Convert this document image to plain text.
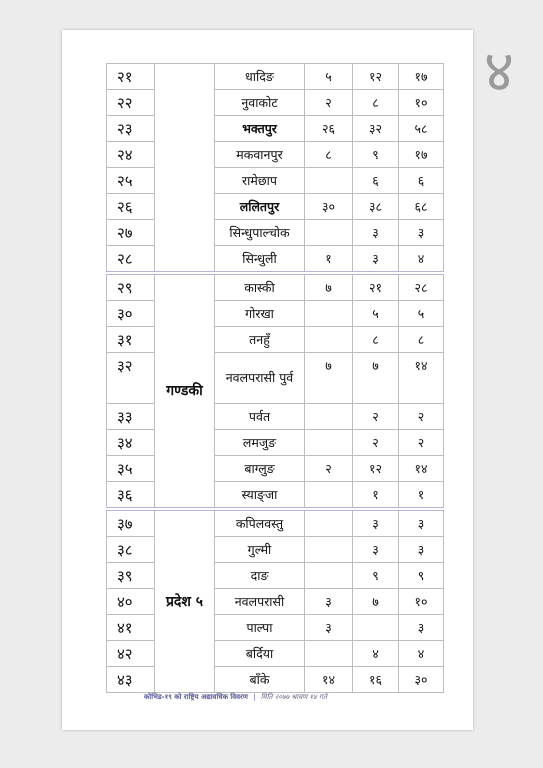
२१		धादिङ	५	१२	१७
२२		नुवाकोट	२	८	१०
२३		भक्तपुर	२६	३२	५८
२४		मकवानपुर	८	९	१७
२५		रामेछाप		६	६
२६		ललितपुर	३०	३८	६८
२७		सिन्धुपाल्चोक		३	३
२८		सिन्धुली	१	३	४
२९	गण्डकी	कास्की	७	२१	२८
३०		गोरखा		५	५
३१		तनहुँ		८	८
३२		नवलपरासी पुर्व	७	७	१४
३३		पर्वत		२	२
३४		लमजुङ		२	२
३५		बाग्लुङ	२	१२	१४
३६		स्याङ्जा		१	१
३७	प्रदेश ५	कपिलवस्तु		३	३
३८		गुल्मी		३	३
३९		दाङ		९	९
४०		नवलपरासी	३	७	१०
४१		पाल्पा	३		३
४२		बर्दिया		४	४
४३		बाँके	१४	१६	३०
कोभिड-१९ को राष्ट्रिय अद्यावधिक विवरण | मिति २०७७ श्रावण १४ गते
४
